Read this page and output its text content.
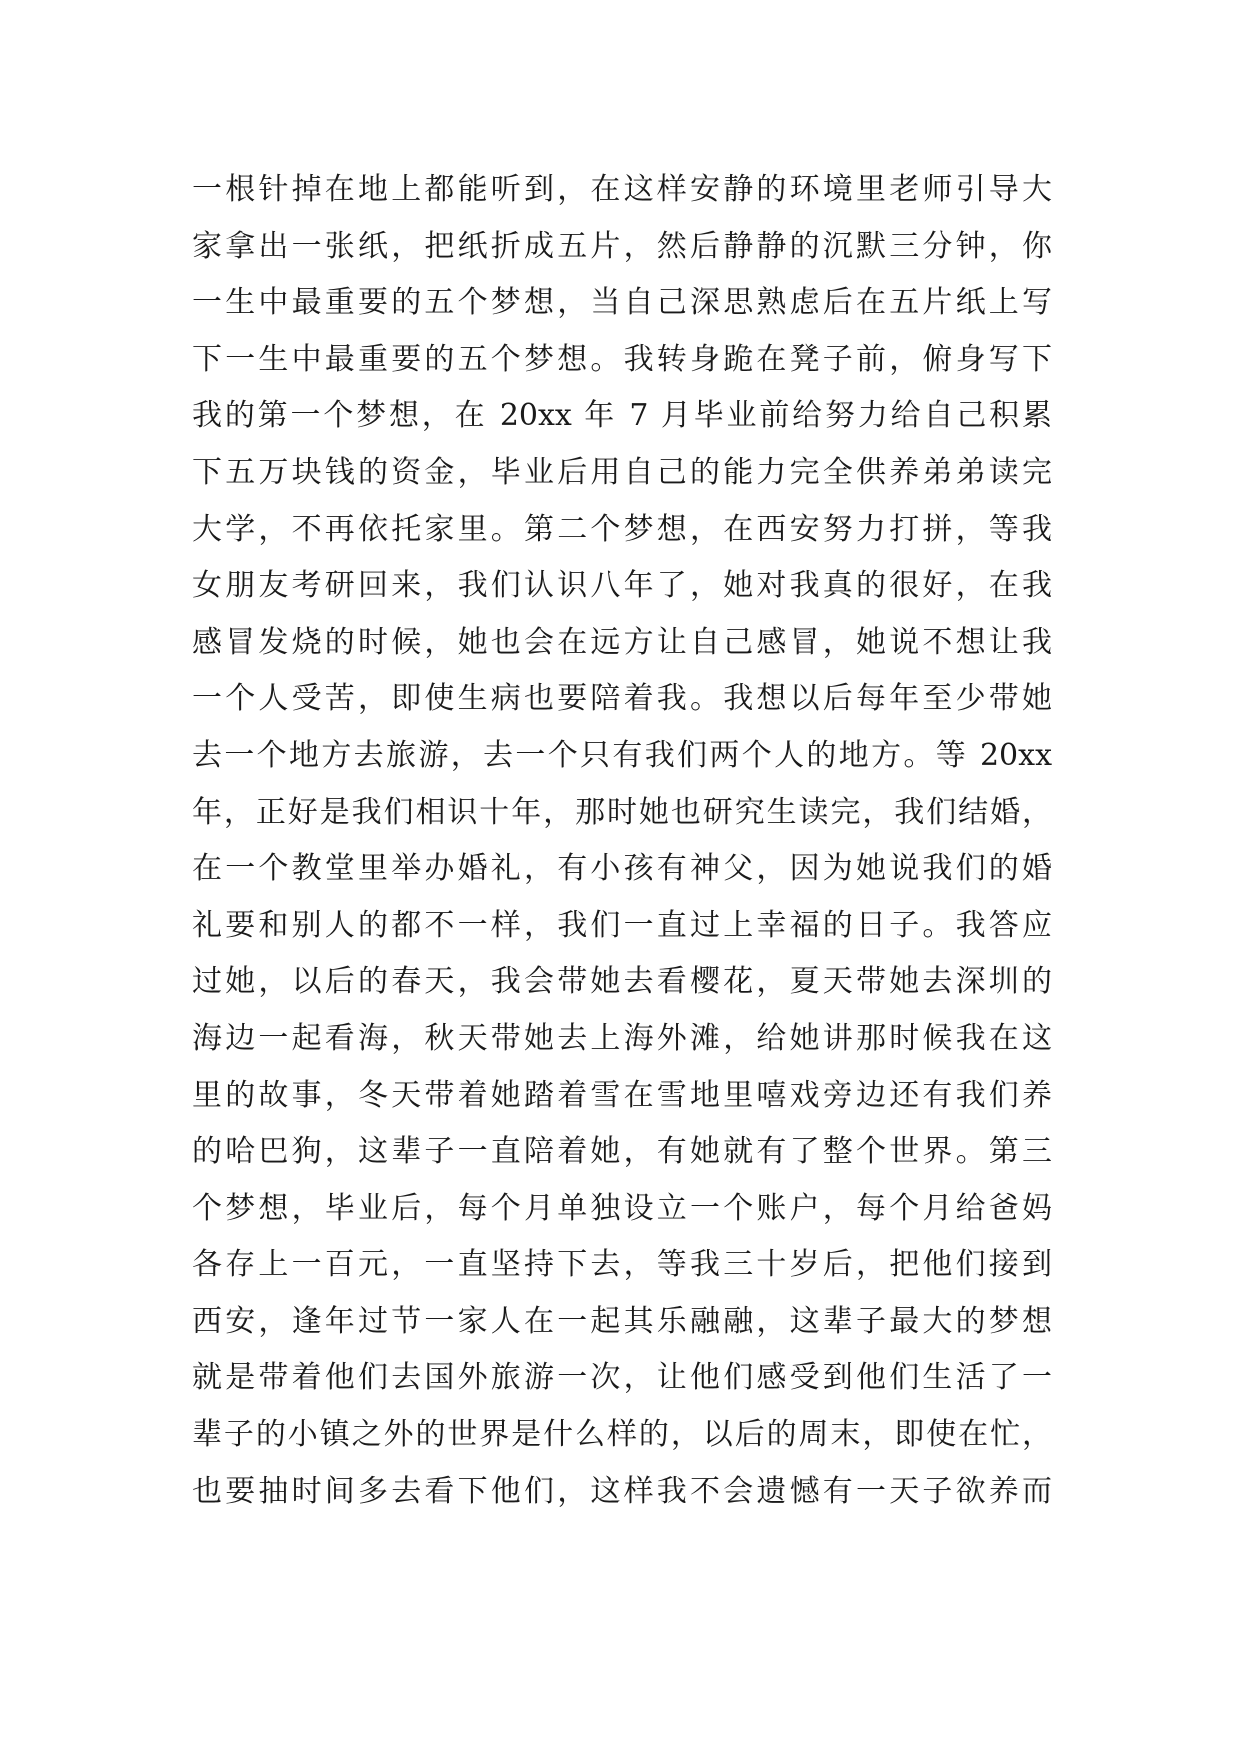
一根针掉在地上都能听到，在这样安静的环境里老师引导大
家拿出一张纸，把纸折成五片，然后静静的沉默三分钟，你
一生中最重要的五个梦想，当自己深思熟虑后在五片纸上写
下一生中最重要的五个梦想。我转身跪在凳子前，俯身写下
我的第一个梦想，在 20xx 年 7 月毕业前给努力给自己积累
下五万块钱的资金，毕业后用自己的能力完全供养弟弟读完
大学，不再依托家里。第二个梦想，在西安努力打拼，等我
女朋友考研回来，我们认识八年了，她对我真的很好，在我
感冒发烧的时候，她也会在远方让自己感冒，她说不想让我
一个人受苦，即使生病也要陪着我。我想以后每年至少带她
去一个地方去旅游，去一个只有我们两个人的地方。等 20xx
年，正好是我们相识十年，那时她也研究生读完，我们结婚，
在一个教堂里举办婚礼，有小孩有神父，因为她说我们的婚
礼要和别人的都不一样，我们一直过上幸福的日子。我答应
过她，以后的春天，我会带她去看樱花，夏天带她去深圳的
海边一起看海，秋天带她去上海外滩，给她讲那时候我在这
里的故事，冬天带着她踏着雪在雪地里嘻戏旁边还有我们养
的哈巴狗，这辈子一直陪着她，有她就有了整个世界。第三
个梦想，毕业后，每个月单独设立一个账户，每个月给爸妈
各存上一百元，一直坚持下去，等我三十岁后，把他们接到
西安，逢年过节一家人在一起其乐融融，这辈子最大的梦想
就是带着他们去国外旅游一次，让他们感受到他们生活了一
辈子的小镇之外的世界是什么样的，以后的周末，即使在忙，
也要抽时间多去看下他们，这样我不会遗憾有一天子欲养而
